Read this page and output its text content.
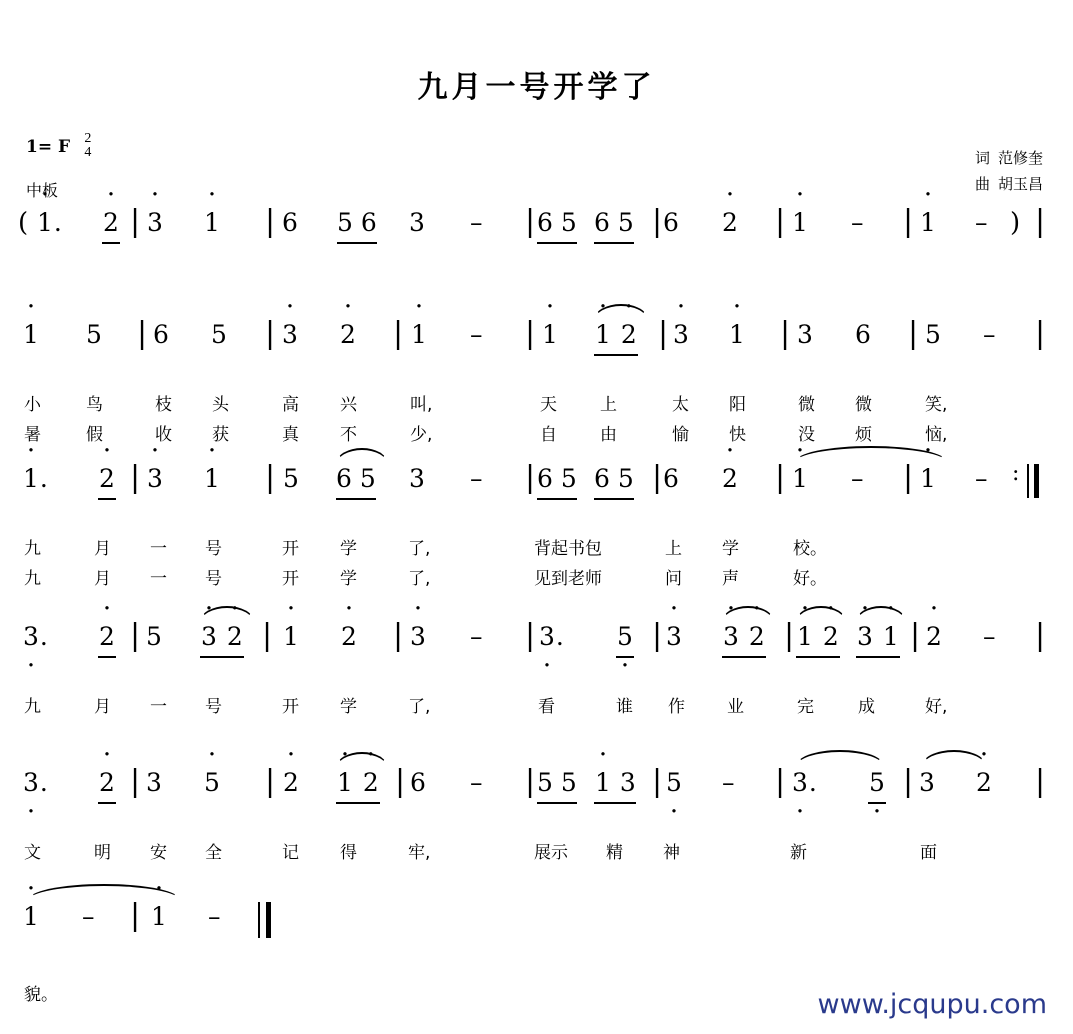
九月一号开学了
1= F 2
4
中板
词 范修奎
曲 胡玉昌
( · 1. · 2 | · 3 · 1 | 6 5 6 3 – | 6 5 6 5 | 6 · 2 | · 1 – | · 1 – ) |
· 1 5 | 6 5 | · 3 · 2 | · 1 – | · 1 · 1 · 2 | · 3 · 1 | 3 6 | 5 – |
小	鸟	枝 头	高 兴	叫,	天	上	太 阳	微 微	笑,
暑	假	收 获	真 不	少,	自	由	愉 快	没 烦	恼,
· 1. · 2 | · 3 · 1 | 5 6 5 3 – | 6 5 6 5 | 6 · 2 | · 1 – | · 1 – :
九	月 一 号	开 学	了,	背起书包	上 学	校。
九	月 一 号	开 学	了,	见到老师	问 声	好。
3 ·. · 2 | 5 · 3 · 2 | · 1 · 2 | · 3 – | 3 ·. 5 · | · 3 · 3 · 2 | · 1 · 2 · 3 · 1 | · 2 – |
九	月 一 号	开 学	了,	看	谁 作 业	完	成	好,
3 ·. · 2 | 3 · 5 | · 2 · 1 · 2 | 6 – | 5 5 · 1 3 | 5 · – | 3 ·. 5 · | 3 · 2 |
文	明 安 全	记 得	牢,	展示 精 神	新	面
· 1 – | · 1 –
貌。	www.jcqupu.com
